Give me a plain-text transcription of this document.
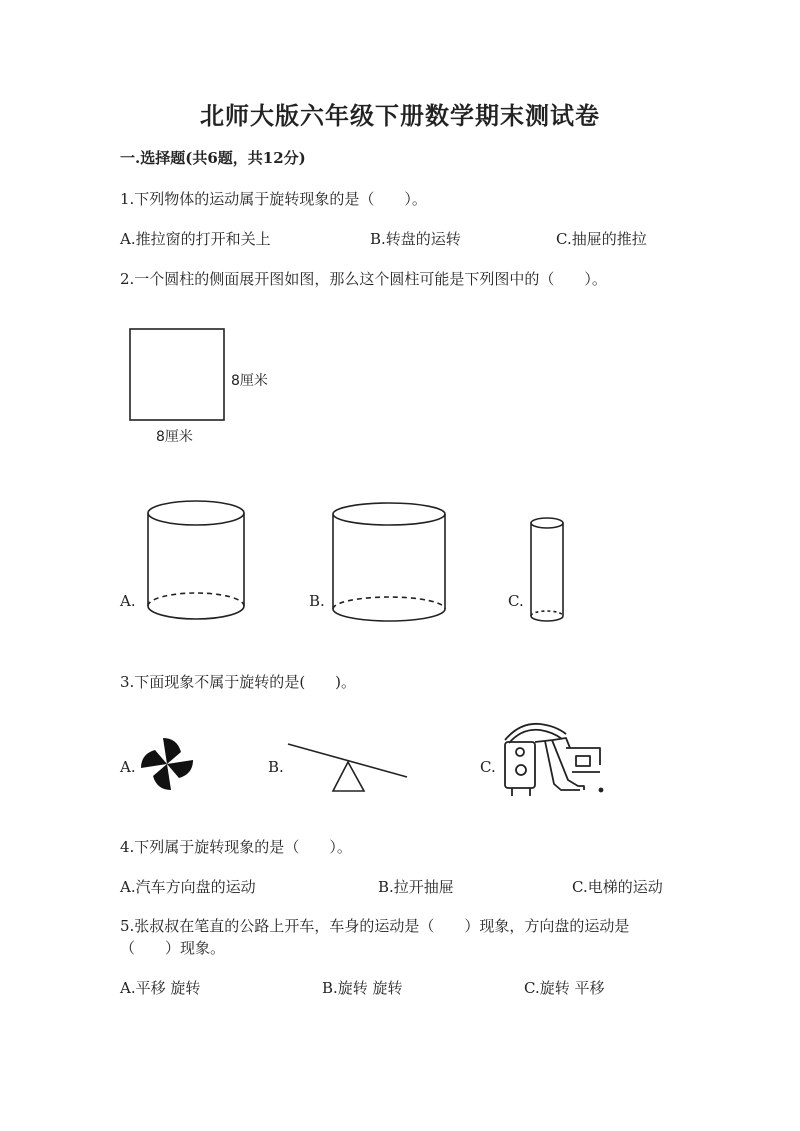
北师大版六年级下册数学期末测试卷
一.选择题(共6题，共12分)
1.下列物体的运动属于旋转现象的是（　　）。
A.推拉窗的打开和关上	B.转盘的运转	C.抽屉的推拉
2.一个圆柱的侧面展开图如图，那么这个圆柱可能是下列图中的（　　）。
8厘米
8厘米
A.	B.	C.
3.下面现象不属于旋转的是(　　)。
A.	B.	C.
4.下列属于旋转现象的是（　　）。
A.汽车方向盘的运动	B.拉开抽屉	C.电梯的运动
5.张叔叔在笔直的公路上开车，车身的运动是（　　）现象，方向盘的运动是
（　　）现象。
A.平移 旋转	B.旋转 旋转	C.旋转 平移
